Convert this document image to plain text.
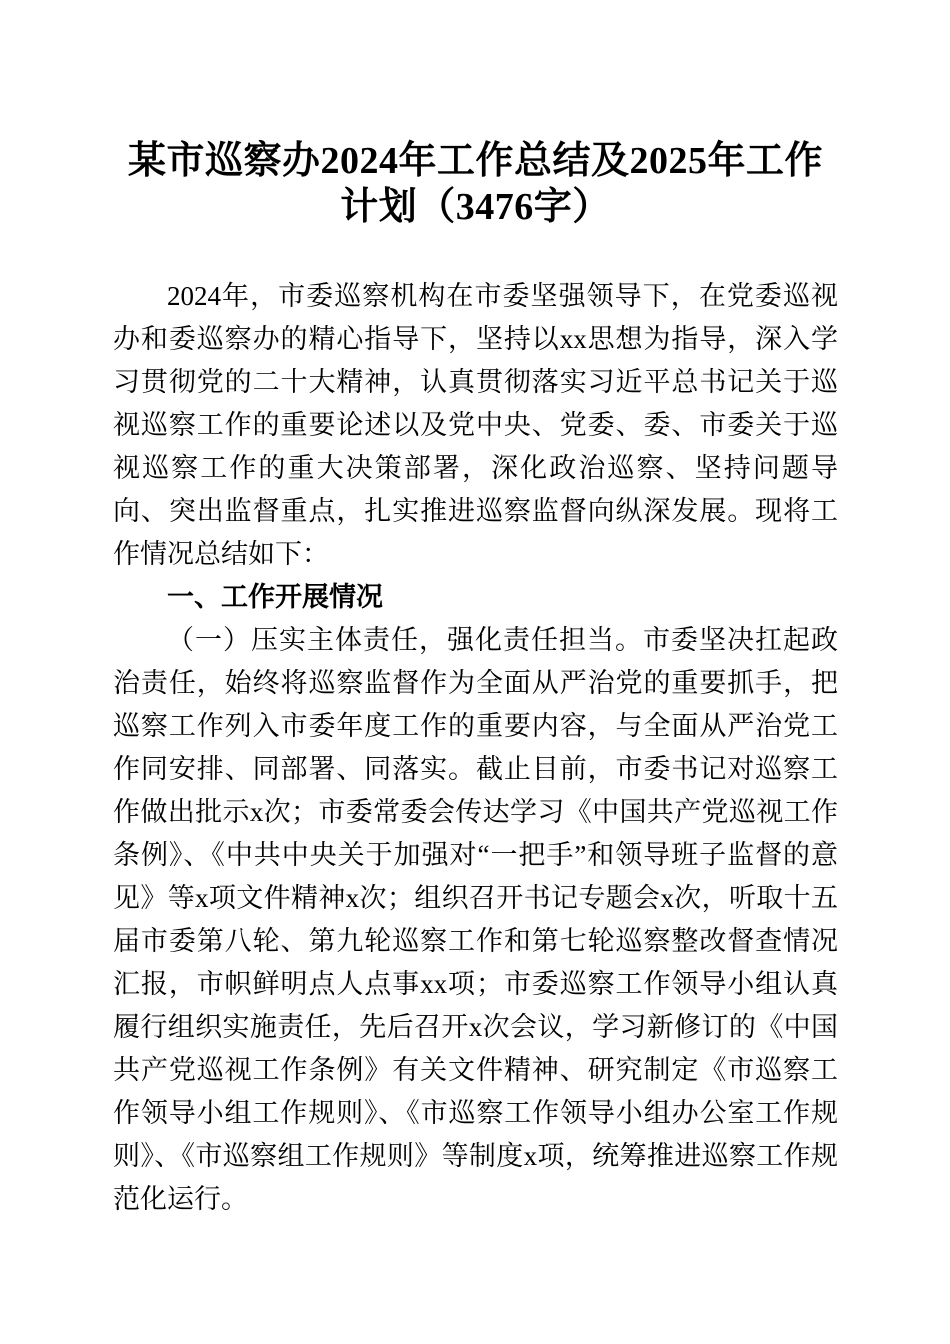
某市巡察办2024年工作总结及2025年工作计划（3476字）

2024年，市委巡察机构在市委坚强领导下，在党委巡视办和委巡察办的精心指导下，坚持以xx思想为指导，深入学习贯彻党的二十大精神，认真贯彻落实习近平总书记关于巡视巡察工作的重要论述以及党中央、党委、委、市委关于巡视巡察工作的重大决策部署，深化政治巡察、坚持问题导向、突出监督重点，扎实推进巡察监督向纵深发展。现将工作情况总结如下：

一、工作开展情况

（一）压实主体责任，强化责任担当。市委坚决扛起政治责任，始终将巡察监督作为全面从严治党的重要抓手，把巡察工作列入市委年度工作的重要内容，与全面从严治党工作同安排、同部署、同落实。截止目前，市委书记对巡察工作做出批示x次；市委常委会传达学习《中国共产党巡视工作条例》、《中共中央关于加强对“一把手”和领导班子监督的意见》等x项文件精神x次；组织召开书记专题会x次，听取十五届市委第八轮、第九轮巡察工作和第七轮巡察整改督查情况汇报，市帜鲜明点人点事xx项；市委巡察工作领导小组认真履行组织实施责任，先后召开x次会议，学习新修订的《中国共产党巡视工作条例》有关文件精神、研究制定《市巡察工作领导小组工作规则》、《市巡察工作领导小组办公室工作规则》、《市巡察组工作规则》等制度x项，统筹推进巡察工作规范化运行。
